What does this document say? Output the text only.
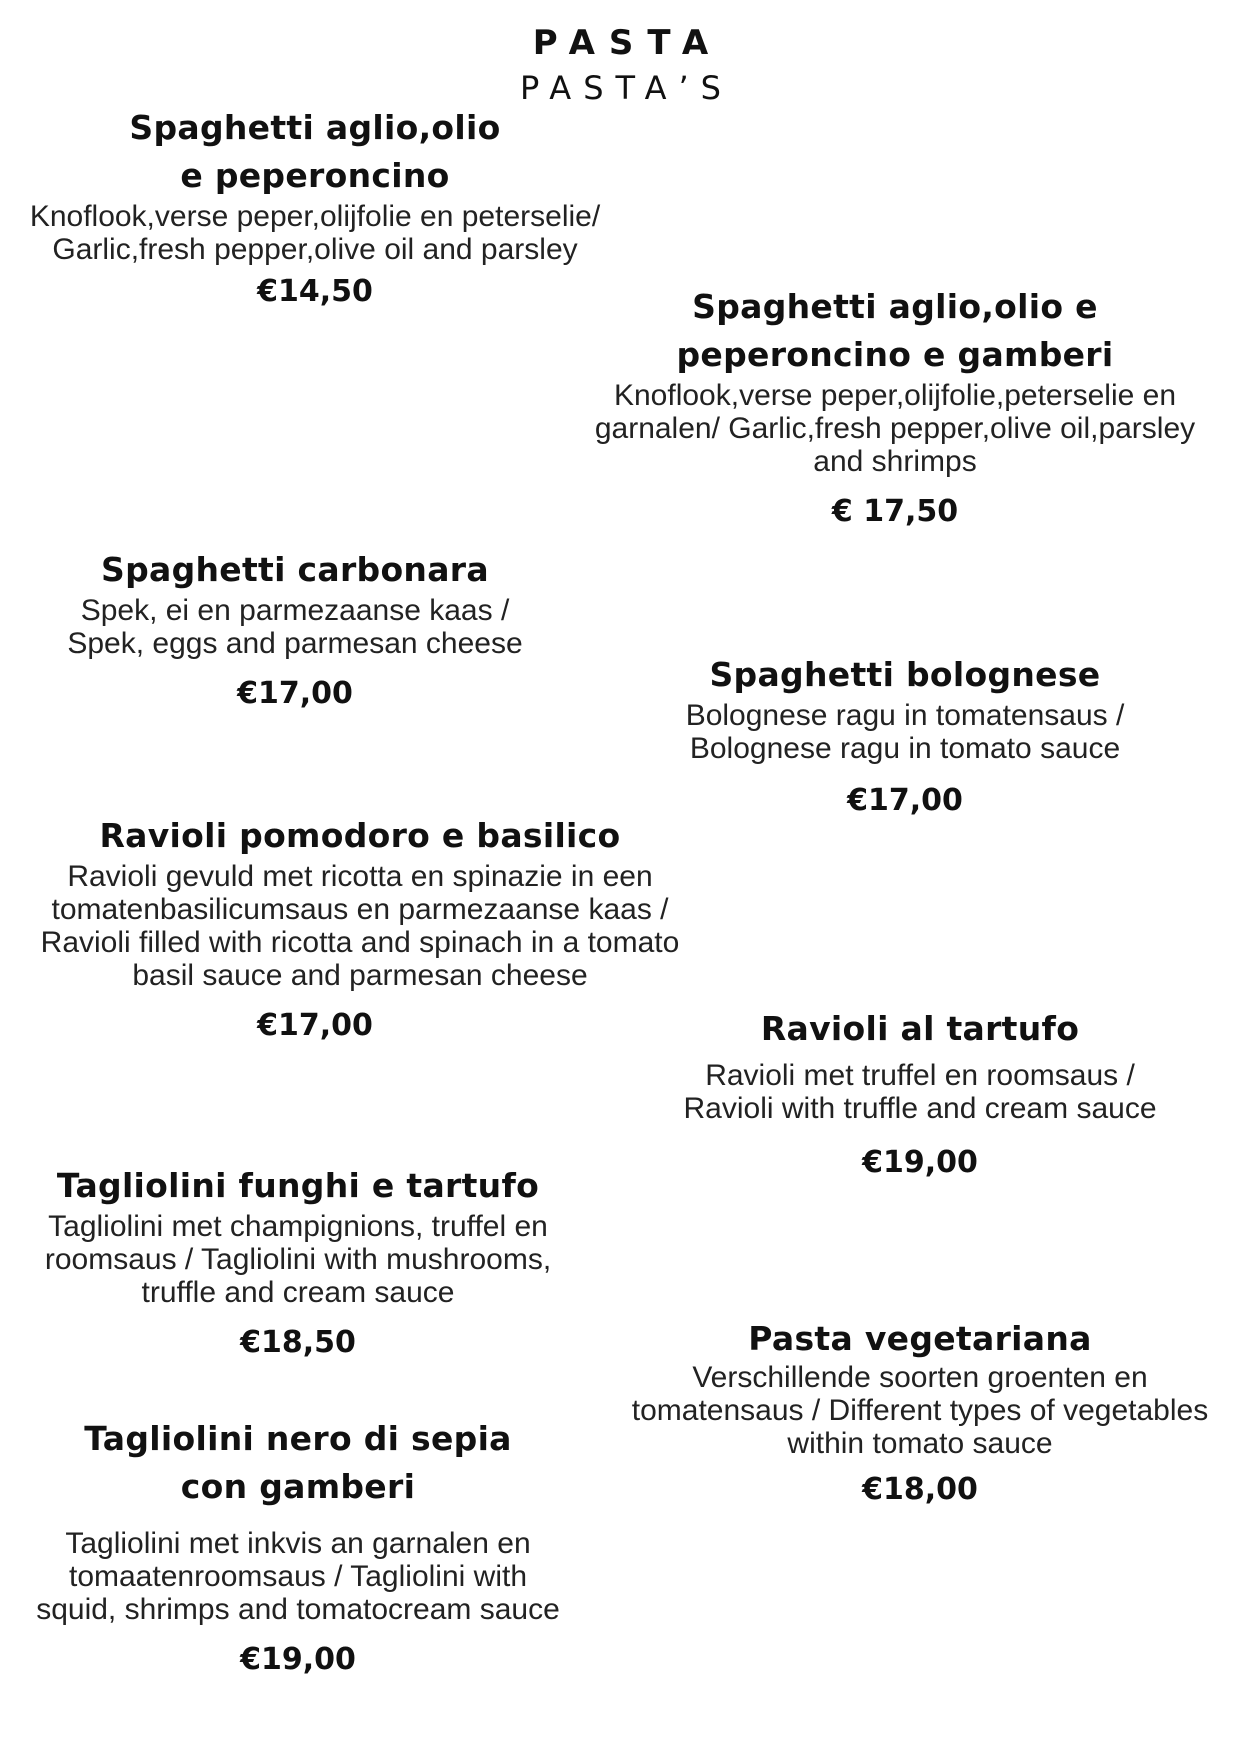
PASTA
PASTA’S
Spaghetti aglio,olio
e peperoncino
Knoflook,verse peper,olijfolie en peterselie/
Garlic,fresh pepper,olive oil and parsley
€14,50	Spaghetti aglio,olio e
peperoncino e gamberi
Knoflook,verse peper,olijfolie,peterselie en
garnalen/ Garlic,fresh pepper,olive oil,parsley
and shrimps
€ 17,50
Spaghetti carbonara
Spek, ei en parmezaanse kaas /
Spek, eggs and parmesan cheese
€17,00	Spaghetti bolognese
Bolognese ragu in tomatensaus /
Bolognese ragu in tomato sauce
€17,00
Ravioli pomodoro e basilico
Ravioli gevuld met ricotta en spinazie in een
tomatenbasilicumsaus en parmezaanse kaas /
Ravioli filled with ricotta and spinach in a tomato
basil sauce and parmesan cheese
€17,00	Ravioli al tartufo
Ravioli met truffel en roomsaus /
Ravioli with truffle and cream sauce
€19,00
Tagliolini funghi e tartufo
Tagliolini met champignions, truffel en
roomsaus / Tagliolini with mushrooms,
truffle and cream sauce
€18,50	Pasta vegetariana
Verschillende soorten groenten en
tomatensaus / Different types of vegetables
within tomato sauce
€18,00
Tagliolini nero di sepia
con gamberi
Tagliolini met inkvis an garnalen en
tomaatenroomsaus / Tagliolini with
squid, shrimps and tomatocream sauce
€19,00
